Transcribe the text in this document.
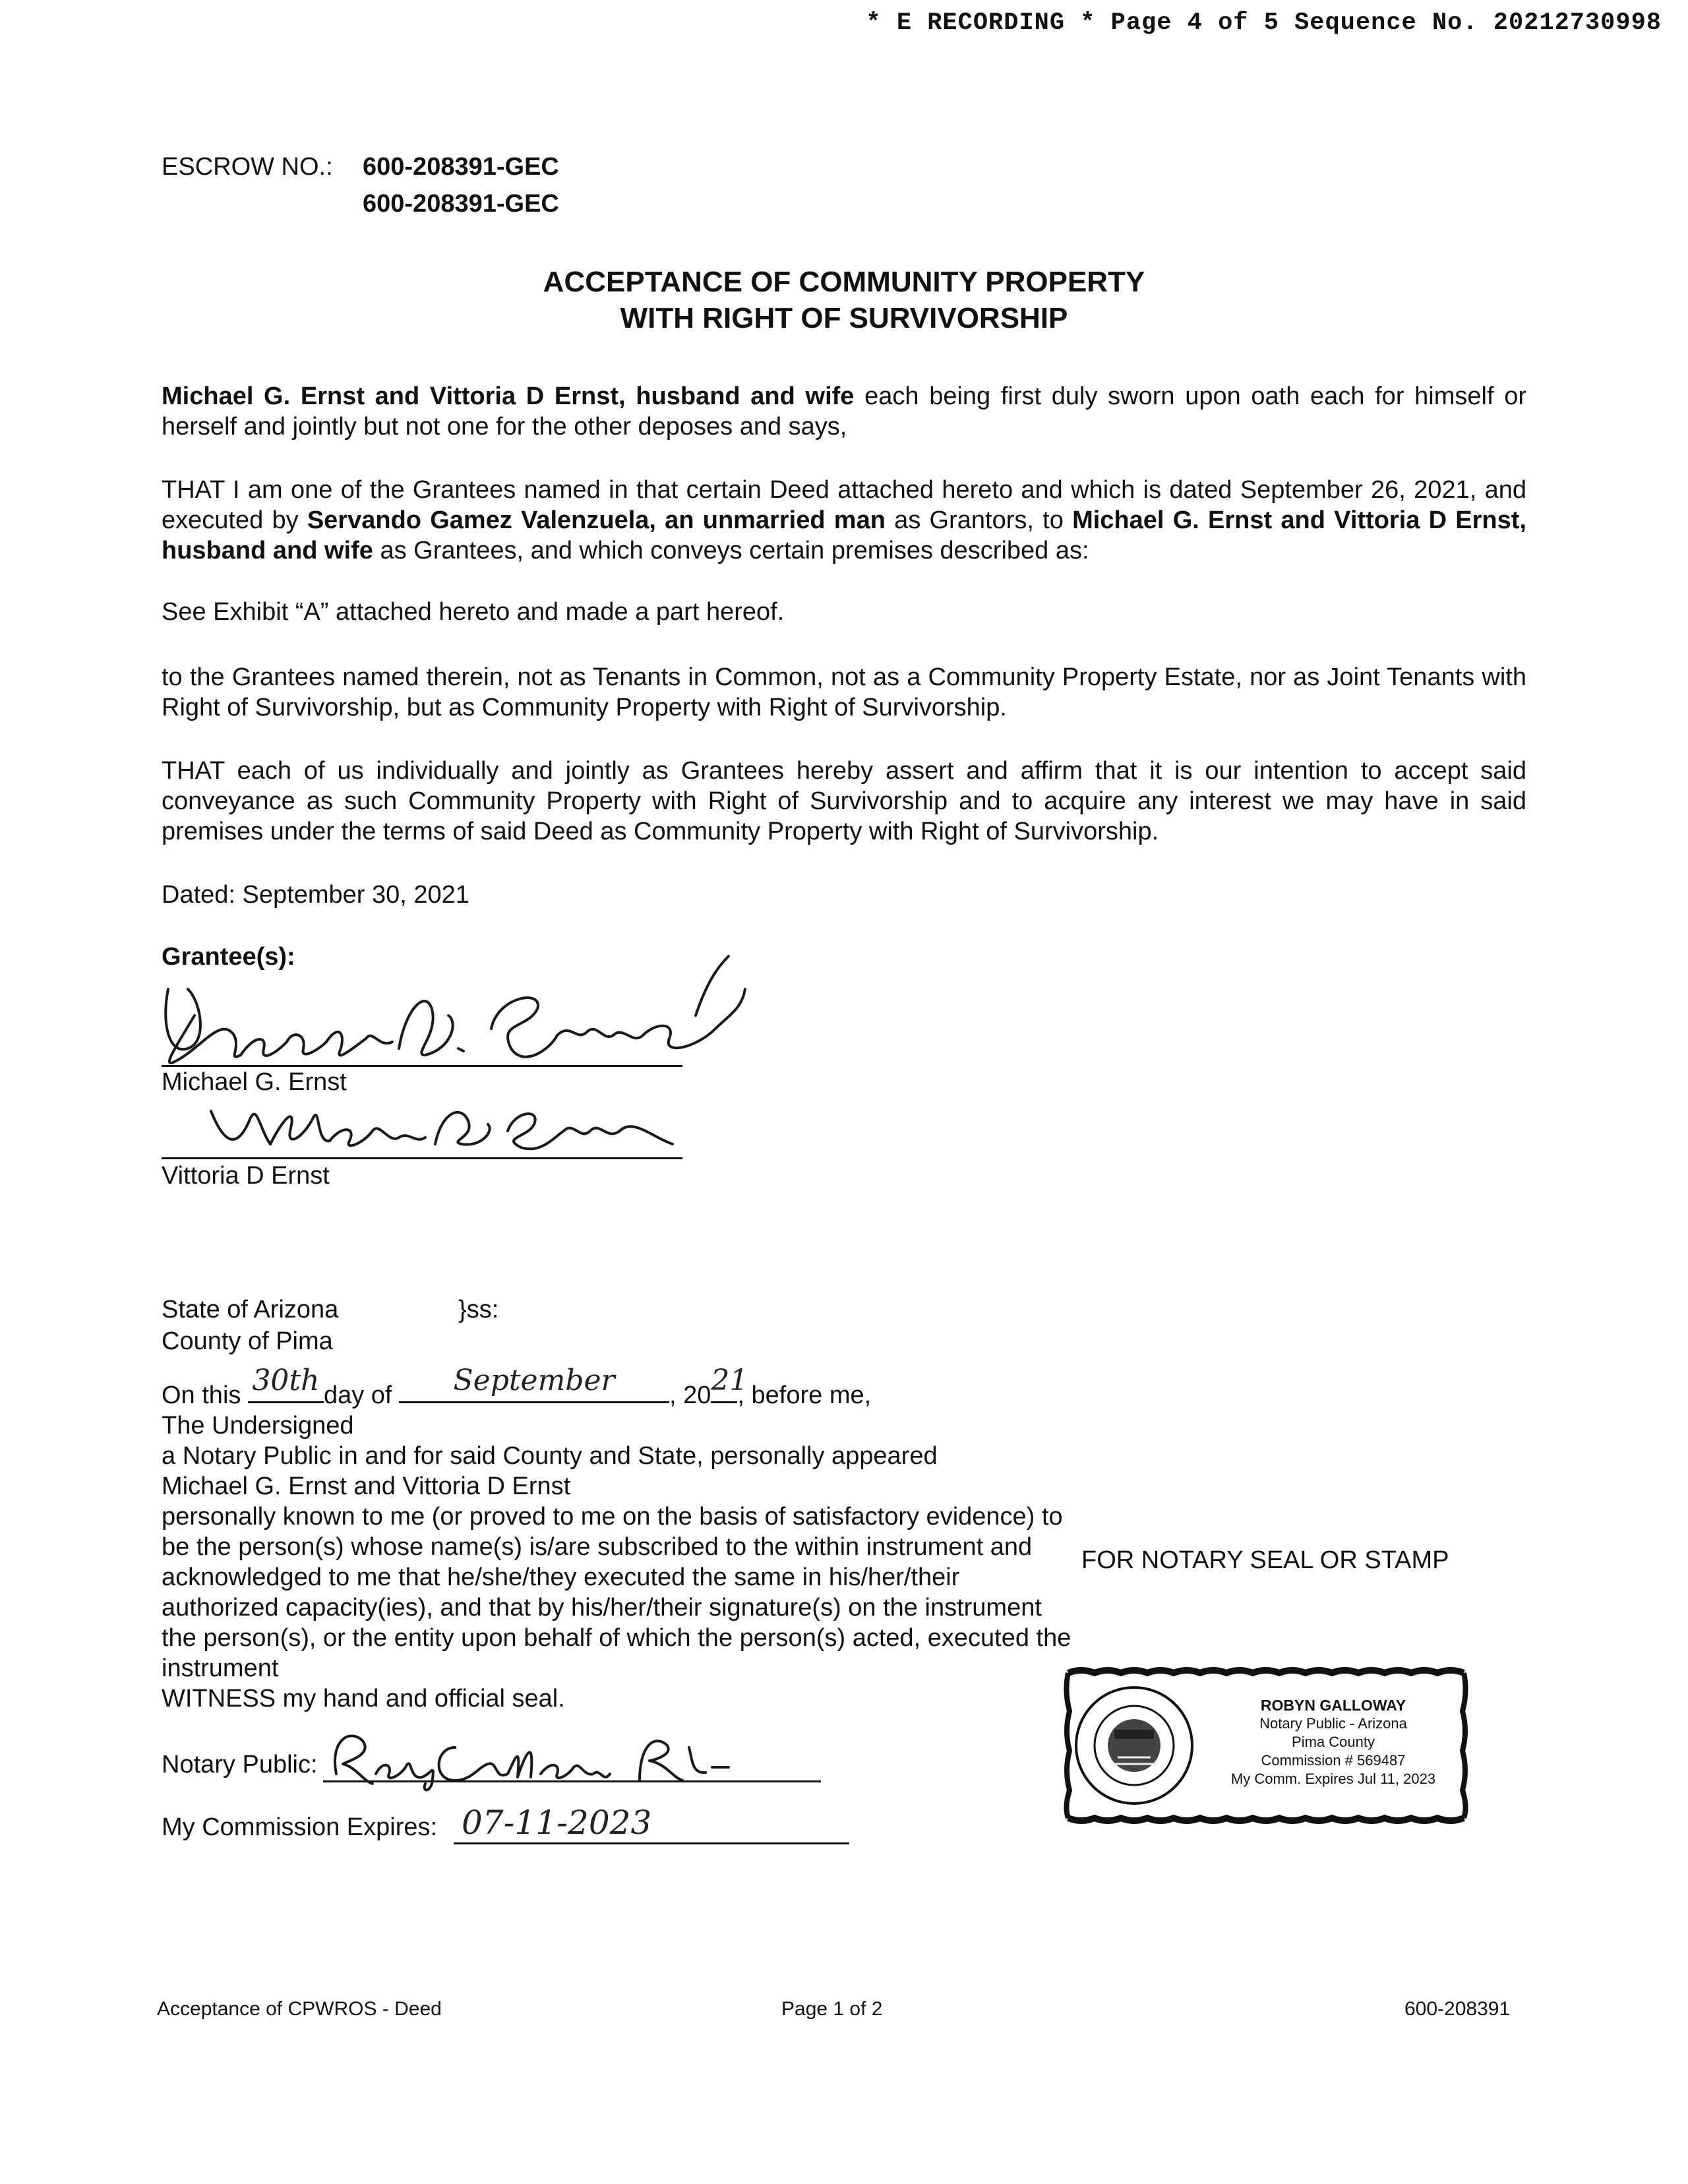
* E RECORDING * Page 4 of 5 Sequence No. 20212730998
ESCROW NO.: 600-208391-GEC
600-208391-GEC
ACCEPTANCE OF COMMUNITY PROPERTY
WITH RIGHT OF SURVIVORSHIP
Michael G. Ernst and Vittoria D Ernst, husband and wife each being first duly sworn upon oath each for himself or herself and jointly but not one for the other deposes and says,
THAT I am one of the Grantees named in that certain Deed attached hereto and which is dated September 26, 2021, and executed by Servando Gamez Valenzuela, an unmarried man as Grantors, to Michael G. Ernst and Vittoria D Ernst, husband and wife as Grantees, and which conveys certain premises described as:
See Exhibit “A” attached hereto and made a part hereof.
to the Grantees named therein, not as Tenants in Common, not as a Community Property Estate, nor as Joint Tenants with Right of Survivorship, but as Community Property with Right of Survivorship.
THAT each of us individually and jointly as Grantees hereby assert and affirm that it is our intention to accept said conveyance as such Community Property with Right of Survivorship and to acquire any interest we may have in said premises under the terms of said Deed as Community Property with Right of Survivorship.
Dated: September 30, 2021
Grantee(s):
Michael G. Ernst
Vittoria D Ernst
State of Arizona
County of Pima
}ss:

On this 30th day of	September	, 20 21
, before me,

The Undersigned

a Notary Public in and for said County and State, personally appeared

Michael G. Ernst and Vittoria D Ernst

personally known to me (or proved to me on the basis of satisfactory evidence) to be the person(s) whose name(s) is/are subscribed to the within instrument and acknowledged to me that he/she/they executed the same in his/her/their authorized capacity(ies), and that by his/her/their signature(s) on the instrument the person(s), or the entity upon behalf of which the person(s) acted, executed the instrument

WITNESS my hand and official seal.

Notary Public:
My Commission Expires: 07-11-2023
FOR NOTARY SEAL OR STAMP
ROBYN GALLOWAY
Notary Public - Arizona
Pima County
Commission # 569487
My Comm. Expires Jul 11, 2023
Acceptance of CPWROS - Deed	Page 1 of 2	600-208391
